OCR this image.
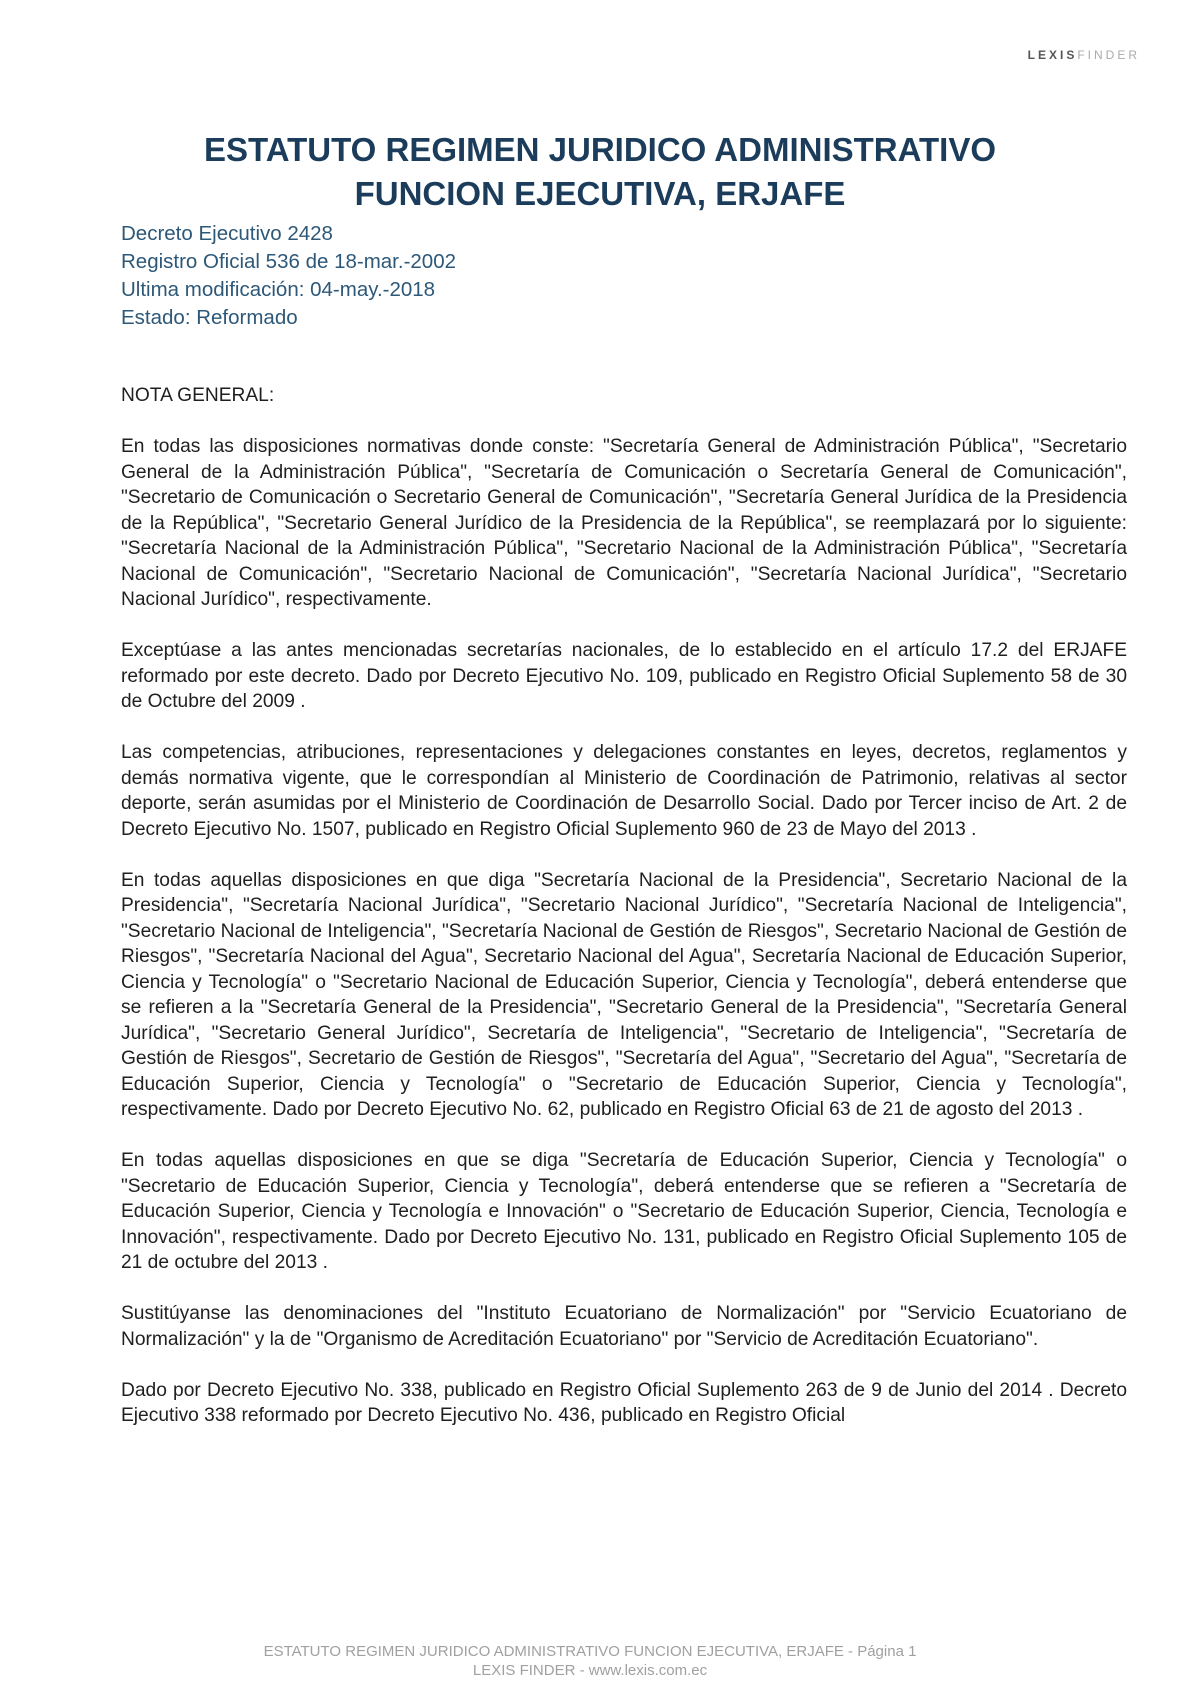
LEXISFINDER
ESTATUTO REGIMEN JURIDICO ADMINISTRATIVO
FUNCION EJECUTIVA, ERJAFE
Decreto Ejecutivo 2428
Registro Oficial 536 de 18-mar.-2002
Ultima modificación: 04-may.-2018
Estado: Reformado
NOTA GENERAL:

En todas las disposiciones normativas donde conste: "Secretaría General de Administración Pública", "Secretario General de la Administración Pública", "Secretaría de Comunicación o Secretaría General de Comunicación", "Secretario de Comunicación o Secretario General de Comunicación", "Secretaría General Jurídica de la Presidencia de la República", "Secretario General Jurídico de la Presidencia de la República", se reemplazará por lo siguiente: "Secretaría Nacional de la Administración Pública", "Secretario Nacional de la Administración Pública", "Secretaría Nacional de Comunicación", "Secretario Nacional de Comunicación", "Secretaría Nacional Jurídica", "Secretario Nacional Jurídico", respectivamente.

Exceptúase a las antes mencionadas secretarías nacionales, de lo establecido en el artículo 17.2 del ERJAFE reformado por este decreto. Dado por Decreto Ejecutivo No. 109, publicado en Registro Oficial Suplemento 58 de 30 de Octubre del 2009 .

Las competencias, atribuciones, representaciones y delegaciones constantes en leyes, decretos, reglamentos y demás normativa vigente, que le correspondían al Ministerio de Coordinación de Patrimonio, relativas al sector deporte, serán asumidas por el Ministerio de Coordinación de Desarrollo Social. Dado por Tercer inciso de Art. 2 de Decreto Ejecutivo No. 1507, publicado en Registro Oficial Suplemento 960 de 23 de Mayo del 2013 .

En todas aquellas disposiciones en que diga "Secretaría Nacional de la Presidencia", Secretario Nacional de la Presidencia", "Secretaría Nacional Jurídica", "Secretario Nacional Jurídico", "Secretaría Nacional de Inteligencia", "Secretario Nacional de Inteligencia", "Secretaría Nacional de Gestión de Riesgos", Secretario Nacional de Gestión de Riesgos", "Secretaría Nacional del Agua", Secretario Nacional del Agua", Secretaría Nacional de Educación Superior, Ciencia y Tecnología" o "Secretario Nacional de Educación Superior, Ciencia y Tecnología", deberá entenderse que se refieren a la "Secretaría General de la Presidencia", "Secretario General de la Presidencia", "Secretaría General Jurídica", "Secretario General Jurídico", Secretaría de Inteligencia", "Secretario de Inteligencia", "Secretaría de Gestión de Riesgos", Secretario de Gestión de Riesgos", "Secretaría del Agua", "Secretario del Agua", "Secretaría de Educación Superior, Ciencia y Tecnología" o "Secretario de Educación Superior, Ciencia y Tecnología", respectivamente. Dado por Decreto Ejecutivo No. 62, publicado en Registro Oficial 63 de 21 de agosto del 2013 .

En todas aquellas disposiciones en que se diga "Secretaría de Educación Superior, Ciencia y Tecnología" o "Secretario de Educación Superior, Ciencia y Tecnología", deberá entenderse que se refieren a "Secretaría de Educación Superior, Ciencia y Tecnología e Innovación" o "Secretario de Educación Superior, Ciencia, Tecnología e Innovación", respectivamente. Dado por Decreto Ejecutivo No. 131, publicado en Registro Oficial Suplemento 105 de 21 de octubre del 2013 .

Sustitúyanse las denominaciones del "Instituto Ecuatoriano de Normalización" por "Servicio Ecuatoriano de Normalización" y la de "Organismo de Acreditación Ecuatoriano" por "Servicio de Acreditación Ecuatoriano".

Dado por Decreto Ejecutivo No. 338, publicado en Registro Oficial Suplemento 263 de 9 de Junio del 2014 . Decreto Ejecutivo 338 reformado por Decreto Ejecutivo No. 436, publicado en Registro Oficial

ESTATUTO REGIMEN JURIDICO ADMINISTRATIVO FUNCION EJECUTIVA, ERJAFE - Página 1
LEXIS FINDER - www.lexis.com.ec
